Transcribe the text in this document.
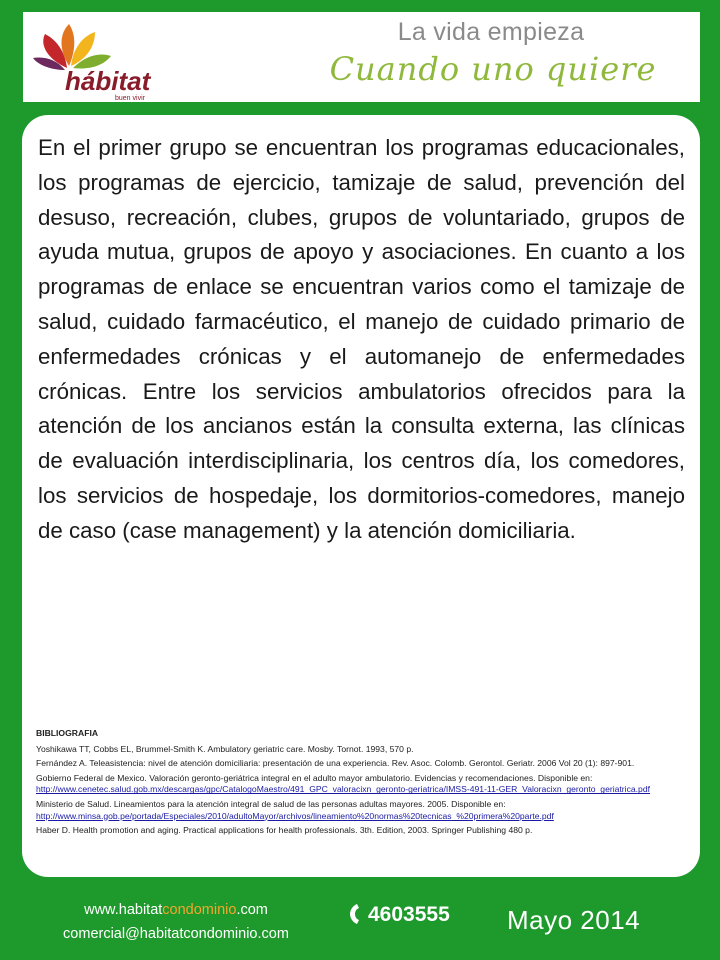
hábitat
buen vivir
La vida empieza
Cuando uno quiere

En el primer grupo se encuentran los programas educacionales, los programas de ejercicio, tamizaje de salud, prevención del desuso, recreación, clubes, grupos de voluntariado, grupos de ayuda mutua, grupos de apoyo y asociaciones. En cuanto a los programas de enlace se encuentran varios como el tamizaje de salud, cuidado farmacéutico, el manejo de cuidado primario de enfermedades crónicas y el automanejo de enfermedades crónicas. Entre los servicios ambulatorios ofrecidos para la atención de los ancianos están la consulta externa, las clínicas de evaluación interdisciplinaria, los centros día, los comedores, los servicios de hospedaje, los dormitorios-comedores, manejo de caso (case management) y la atención domiciliaria.

BIBLIOGRAFIA

Yoshikawa TT, Cobbs EL, Brummel-Smith K. Ambulatory geriatric care. Mosby. Tornot. 1993, 570 p.

Fernández A. Teleasistencia: nivel de atención domiciliaria: presentación de una experiencia. Rev. Asoc. Colomb. Gerontol. Geriatr. 2006 Vol 20 (1): 897-901.

Gobierno Federal de Mexico. Valoración geronto-geriátrica integral en el adulto mayor ambulatorio. Evidencias y recomendaciones. Disponible en:
http://www.cenetec.salud.gob.mx/descargas/gpc/CatalogoMaestro/491_GPC_valoracixn_geronto-geriatrica/IMSS-491-11-GER_Valoracixn_geronto_geriatrica.pdf

Ministerio de Salud. Lineamientos para la atención integral de salud de las personas adultas mayores. 2005. Disponible en:
http://www.minsa.gob.pe/portada/Especiales/2010/adultoMayor/archivos/lineamiento%20normas%20tecnicas_%20primera%20parte.pdf

Haber D. Health promotion and aging. Practical applications for health professionals. 3th. Edition, 2003. Springer Publishing 480 p.

www.habitatcondominio.com
comercial@habitatcondominio.com
4603555 Mayo 2014
